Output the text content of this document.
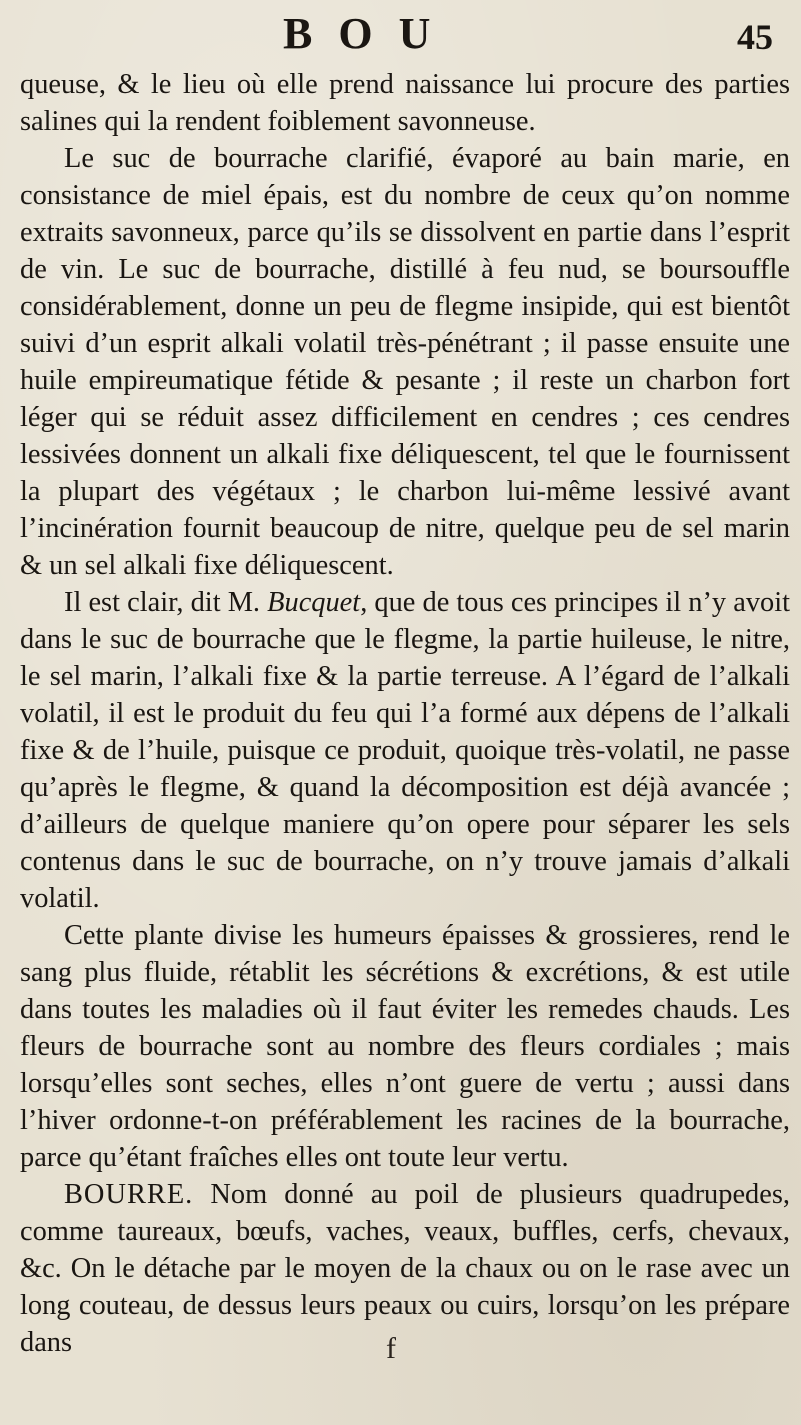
BOU	45

queuse, & le lieu où elle prend naissance lui procure des parties salines qui la rendent foiblement savonneuse.

Le suc de bourrache clarifié, évaporé au bain marie, en consistance de miel épais, est du nombre de ceux qu’on nomme extraits savonneux, parce qu’ils se dissolvent en partie dans l’esprit de vin. Le suc de bourrache, distillé à feu nud, se boursouffle considérablement, donne un peu de flegme insipide, qui est bientôt suivi d’un esprit alkali volatil très-pénétrant ; il passe ensuite une huile empireumatique fétide & pesante ; il reste un charbon fort léger qui se réduit assez difficilement en cendres ; ces cendres lessivées donnent un alkali fixe déliquescent, tel que le fournissent la plupart des végétaux ; le charbon lui-même lessivé avant l’incinération fournit beaucoup de nitre, quelque peu de sel marin & un sel alkali fixe déliquescent.

Il est clair, dit M. Bucquet, que de tous ces principes il n’y avoit dans le suc de bourrache que le flegme, la partie huileuse, le nitre, le sel marin, l’alkali fixe & la partie terreuse. A l’égard de l’alkali volatil, il est le produit du feu qui l’a formé aux dépens de l’alkali fixe & de l’huile, puisque ce produit, quoique très-volatil, ne passe qu’après le flegme, & quand la décomposition est déjà avancée ; d’ailleurs de quelque maniere qu’on opere pour séparer les sels contenus dans le suc de bourrache, on n’y trouve jamais d’alkali volatil.

Cette plante divise les humeurs épaisses & grossieres, rend le sang plus fluide, rétablit les sécrétions & excrétions, & est utile dans toutes les maladies où il faut éviter les remedes chauds. Les fleurs de bourrache sont au nombre des fleurs cordiales ; mais lorsqu’elles sont seches, elles n’ont guere de vertu ; aussi dans l’hiver ordonne-t-on préférablement les racines de la bourrache, parce qu’étant fraîches elles ont toute leur vertu.

BOURRE. Nom donné au poil de plusieurs quadrupedes, comme taureaux, bœufs, vaches, veaux, buffles, cerfs, chevaux, &c. On le détache par le moyen de la chaux ou on le rase avec un long couteau, de dessus leurs peaux ou cuirs, lorsqu’on les prépare dans	f
